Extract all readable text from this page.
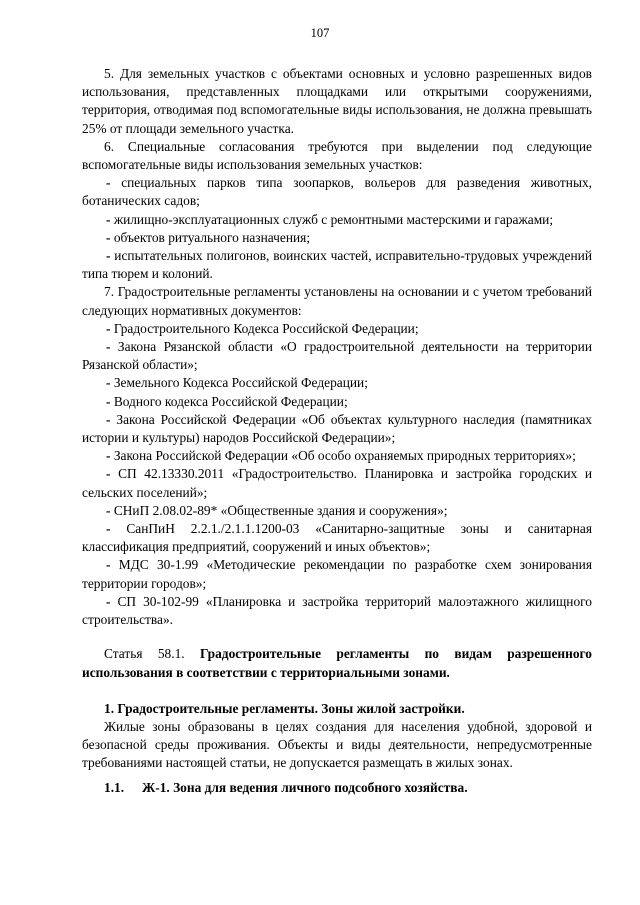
107

5. Для земельных участков с объектами основных и условно разрешенных видов использования, представленных площадками или открытыми сооружениями, территория, отводимая под вспомогательные виды использования, не должна превышать 25% от площади земельного участка.

6. Специальные согласования требуются при выделении под следующие вспомогательные виды использования земельных участков:

- специальных парков типа зоопарков, вольеров для разведения животных, ботанических садов;

- жилищно-эксплуатационных служб с ремонтными мастерскими и гаражами;

- объектов ритуального назначения;

- испытательных полигонов, воинских частей, исправительно-трудовых учреждений типа тюрем и колоний.

7. Градостроительные регламенты установлены на основании и с учетом требований следующих нормативных документов:

- Градостроительного Кодекса Российской Федерации;

- Закона Рязанской области «О градостроительной деятельности на территории Рязанской области»;

- Земельного Кодекса Российской Федерации;

- Водного кодекса Российской Федерации;

- Закона Российской Федерации «Об объектах культурного наследия (памятниках истории и культуры) народов Российской Федерации»;

- Закона Российской Федерации «Об особо охраняемых природных территориях»;

- СП 42.13330.2011 «Градостроительство. Планировка и застройка городских и сельских поселений»;

- СНиП 2.08.02-89* «Общественные здания и сооружения»;

- СанПиН 2.2.1./2.1.1.1200-03 «Санитарно-защитные зоны и санитарная классификация предприятий, сооружений и иных объектов»;

- МДС 30-1.99 «Методические рекомендации по разработке схем зонирования территории городов»;

- СП 30-102-99 «Планировка и застройка территорий малоэтажного жилищного строительства».

Статья 58.1. Градостроительные регламенты по видам разрешенного использования в соответствии с территориальными зонами.

1. Градостроительные регламенты. Зоны жилой застройки.

Жилые зоны образованы в целях создания для населения удобной, здоровой и безопасной среды проживания. Объекты и виды деятельности, непредусмотренные требованиями настоящей статьи, не допускается размещать в жилых зонах.

1.1. Ж-1. Зона для ведения личного подсобного хозяйства.
